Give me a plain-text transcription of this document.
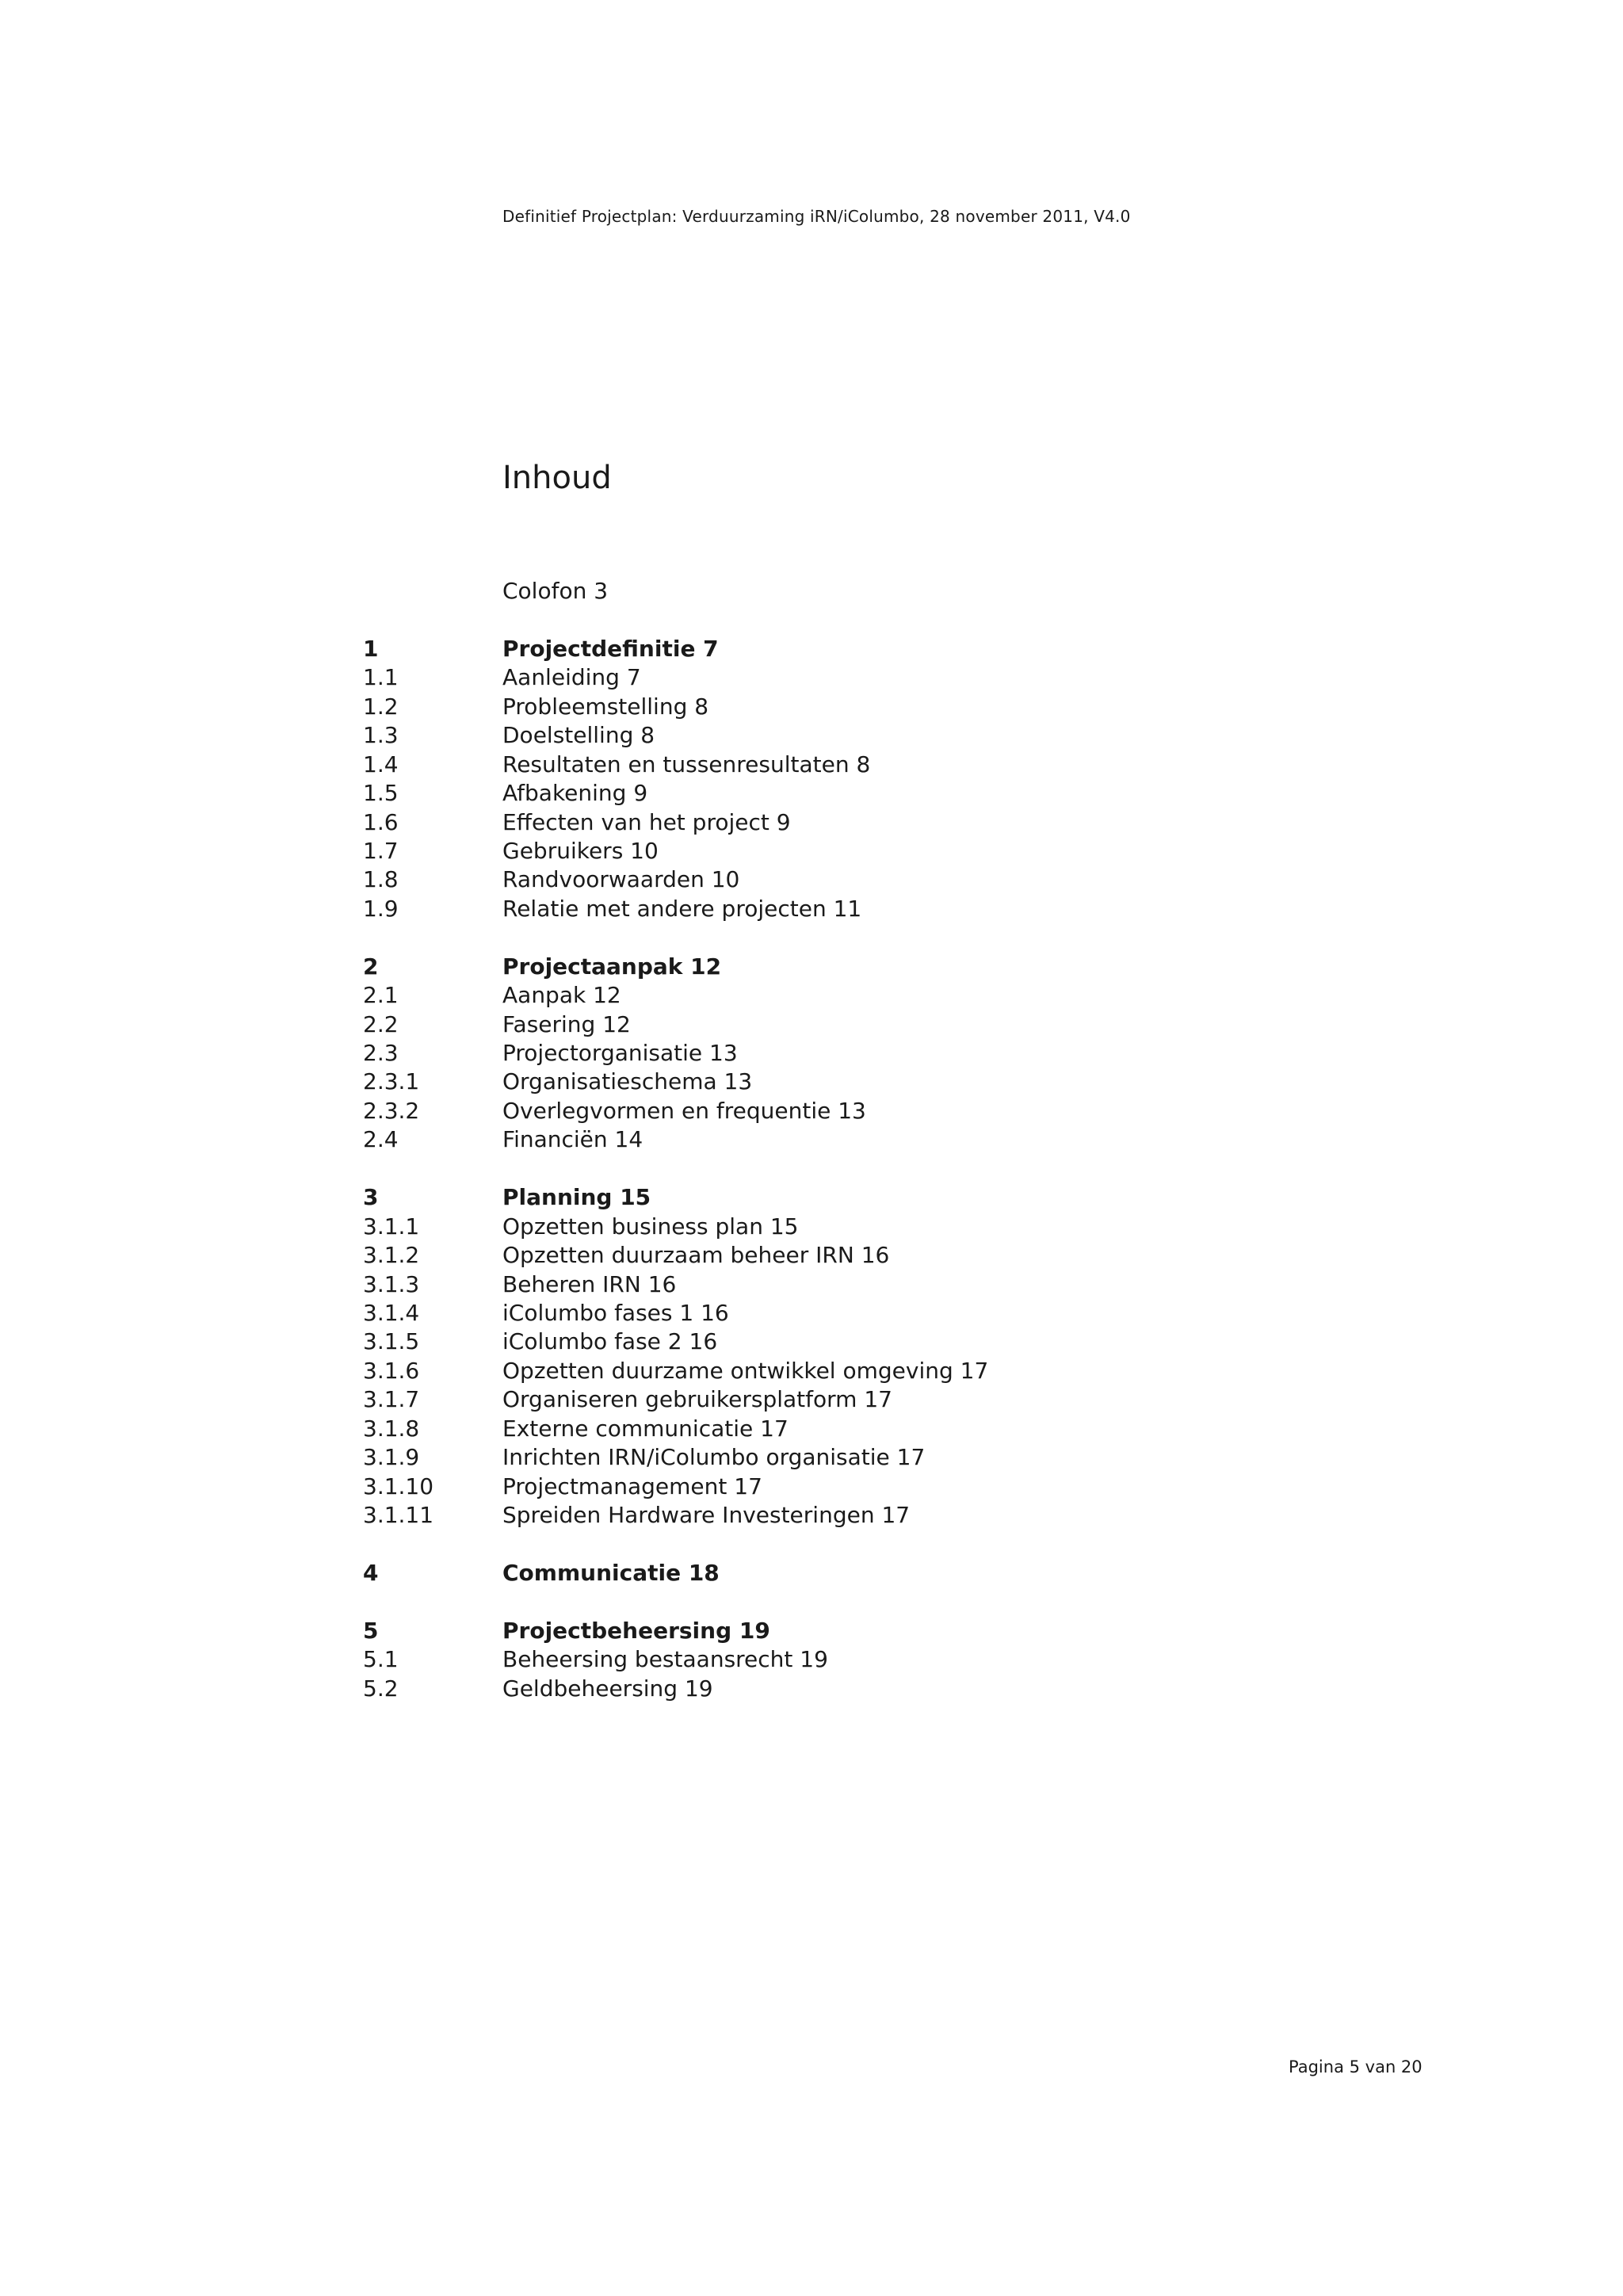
Definitief Projectplan: Verduurzaming iRN/iColumbo, 28 november 2011, V4.0
Inhoud
Colofon 3
1	Projectdefinitie 7
1.1	Aanleiding 7
1.2	Probleemstelling 8
1.3	Doelstelling 8
1.4	Resultaten en tussenresultaten 8
1.5	Afbakening 9
1.6	Effecten van het project 9
1.7	Gebruikers 10
1.8	Randvoorwaarden 10
1.9	Relatie met andere projecten 11
2	Projectaanpak 12
2.1	Aanpak 12
2.2	Fasering 12
2.3	Projectorganisatie 13
2.3.1	Organisatieschema 13
2.3.2	Overlegvormen en frequentie 13
2.4	Financiën 14
3	Planning 15
3.1.1	Opzetten business plan 15
3.1.2	Opzetten duurzaam beheer IRN 16
3.1.3	Beheren IRN 16
3.1.4	iColumbo fases 1 16
3.1.5	iColumbo fase 2 16
3.1.6	Opzetten duurzame ontwikkel omgeving 17
3.1.7	Organiseren gebruikersplatform 17
3.1.8	Externe communicatie 17
3.1.9	Inrichten IRN/iColumbo organisatie 17
3.1.10	Projectmanagement 17
3.1.11	Spreiden Hardware Investeringen 17
4	Communicatie 18
5	Projectbeheersing 19
5.1	Beheersing bestaansrecht 19
5.2	Geldbeheersing 19
Pagina 5 van 20
